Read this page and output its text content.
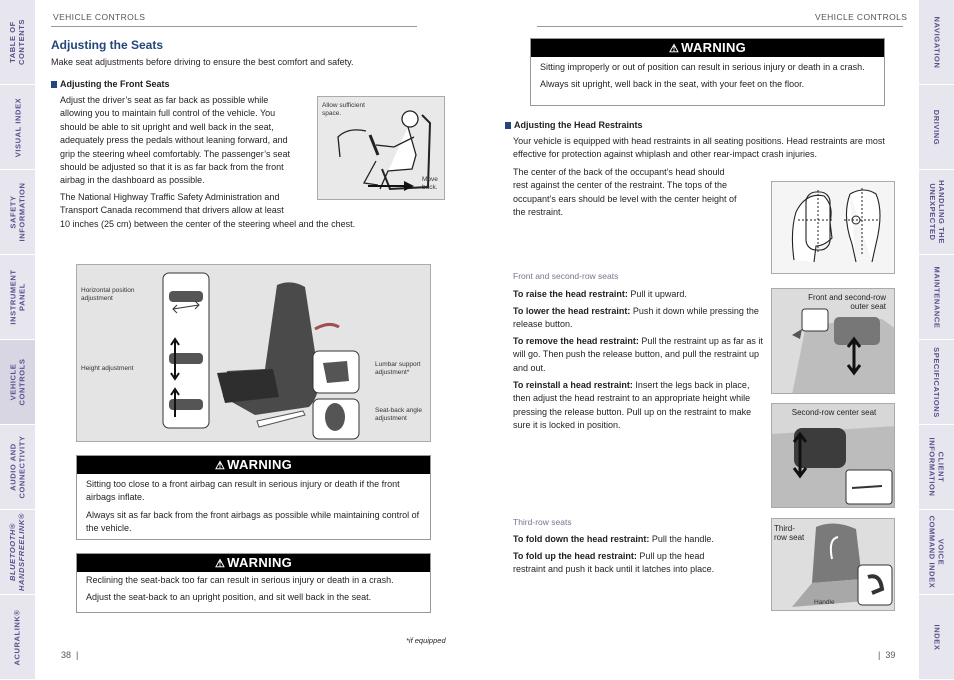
TABLE OF
CONTENTS
VISUAL INDEX
SAFETY
INFORMATION
INSTRUMENT
PANEL
VEHICLE
CONTROLS
AUDIO AND
CONNECTIVITY
BLUETOOTH®
HANDSFREELINK®
ACURALINK®
NAVIGATION
DRIVING
HANDLING THE
UNEXPECTED
MAINTENANCE
SPECIFICATIONS
CLIENT
INFORMATION
VOICE
COMMAND INDEX
INDEX
VEHICLE CONTROLS	VEHICLE CONTROLS
Adjusting the Seats
Make seat adjustments before driving to ensure the best comfort and safety.
Adjusting the Front Seats
Adjust the driver’s seat as far back as possible while
allowing you to maintain full control of the vehicle. You
should be able to sit upright and well back in the seat,
adequately press the pedals without leaning forward, and
grip the steering wheel comfortably. The passenger’s seat
should be adjusted so that it is as far back from the front
airbag in the dashboard as possible.
The National Highway Traffic Safety Administration and
Transport Canada recommend that drivers allow at least
10 inches (25 cm) between the center of the steering wheel and the chest.
Allow sufficient
space.
Move
back.
Horizontal position
adjustment
Height adjustment
Lumbar support
adjustment*
Seat-back angle
adjustment
⚠ WARNING
Sitting too close to a front airbag can result in serious injury or death if the front airbags inflate.
Always sit as far back from the front airbags as possible while maintaining control of the vehicle.
⚠ WARNING
Reclining the seat-back too far can result in serious injury or death in a crash.
Adjust the seat-back to an upright position, and sit well back in the seat.
*if equipped
38  |
⚠ WARNING
Sitting improperly or out of position can result in serious injury or death in a crash.
Always sit upright, well back in the seat, with your feet on the floor.
Adjusting the Head Restraints
Your vehicle is equipped with head restraints in all seating positions. Head restraints are most effective for protection against whiplash and other rear-impact crash injuries.
The center of the back of the occupant’s head should
rest against the center of the restraint. The tops of the
occupant’s ears should be level with the center height of
the restraint.
Front and second-row seats
To raise the head restraint: Pull it upward.
To lower the head restraint: Push it down while pressing the release button.
To remove the head restraint: Pull the restraint up as far as it will go. Then push the release button, and pull the restraint up and out.
To reinstall a head restraint: Insert the legs back in place, then adjust the head restraint to an appropriate height while pressing the release button. Pull up on the restraint to make sure it is locked in position.
Front and second-row
outer seat
Second-row center seat
Third-row seats
To fold down the head restraint: Pull the handle.
To fold up the head restraint: Pull up the head restraint and push it back until it latches into place.
Third-
row seat
Handle
|  39
